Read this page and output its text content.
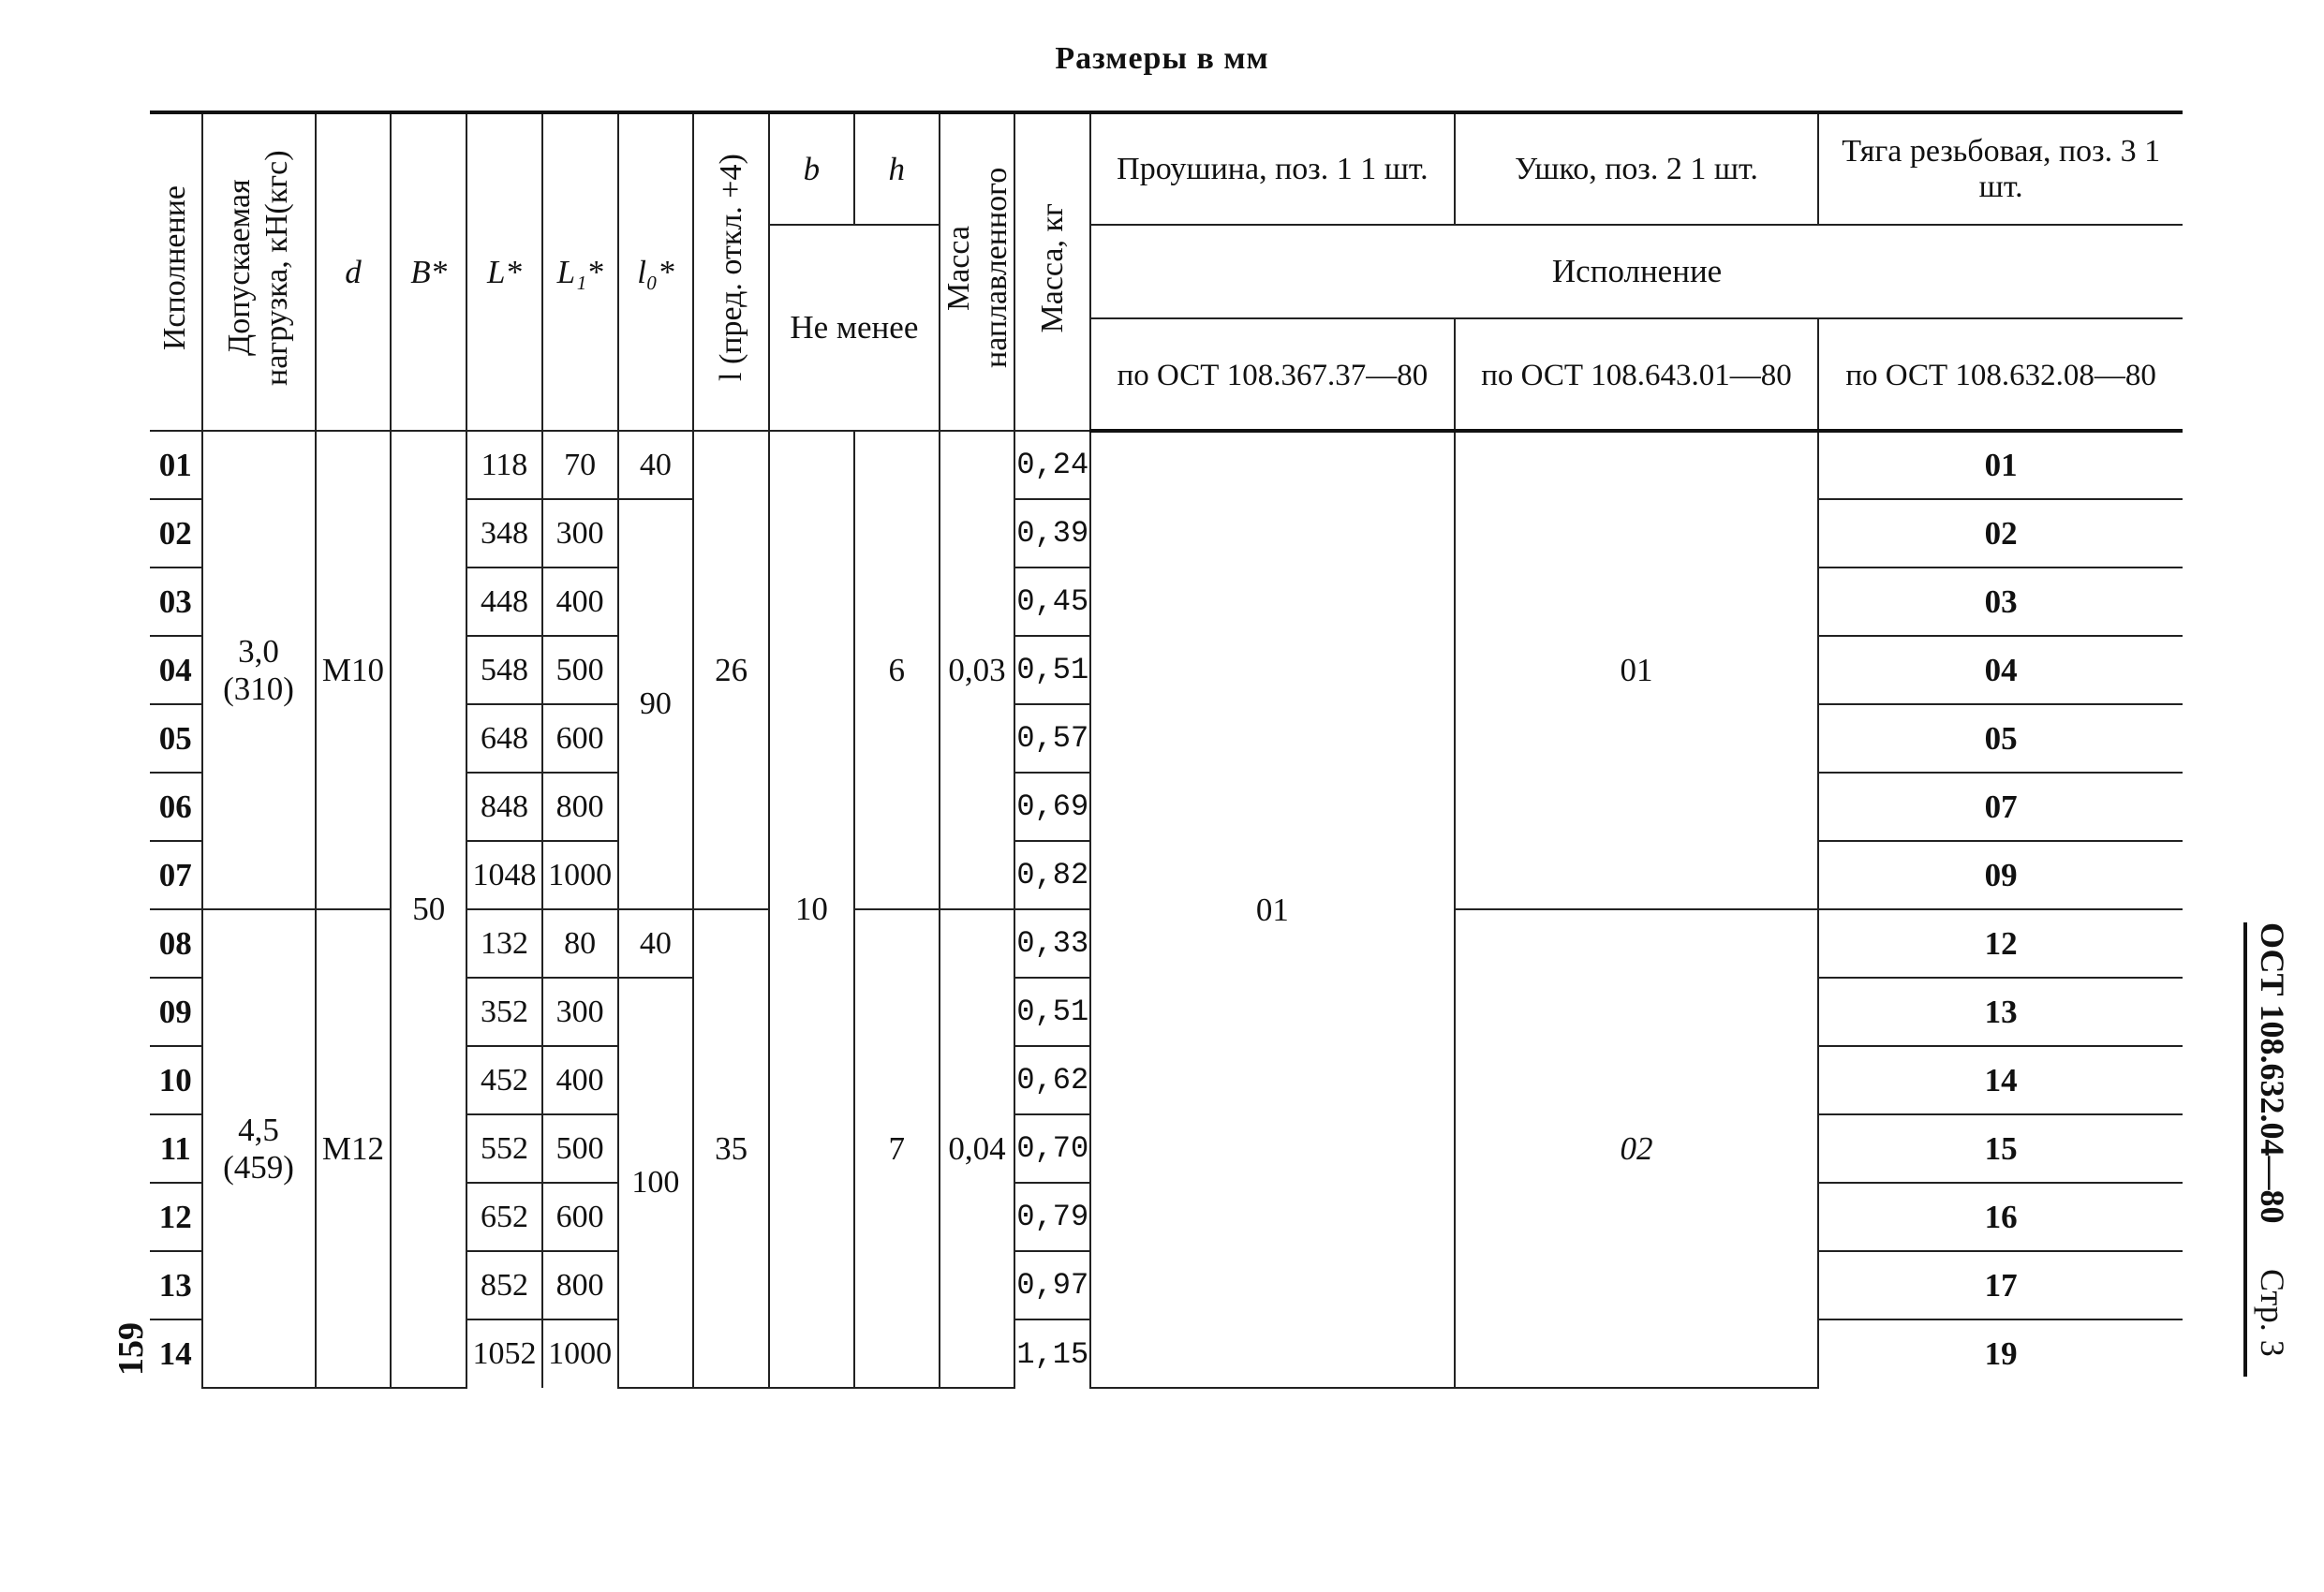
Размеры в мм
Исполнение	Допускаемая нагрузка, кН(кгс)	d	B*	L*	L₁*	l₀*	l (пред. откл. +4)	b	h	Масса наплавленного	Масса, кг	Проушина, поз. 1 1 шт.	Ушко, поз. 2 1 шт.	Тяга резьбовая, поз. 3 1 шт.

								Не менее				Исполнение		
												по ОСТ 108.367.37—80	по ОСТ 108.643.01—80	по ОСТ 108.632.08—80
01	3,0 (310)	M10	50	118	70	40	26	10	6	0,03	0,24	01	01	01
02				348	300	90					0,39			02
03				448	400						0,45			03
04				548	500						0,51			04
05				648	600						0,57			05
06				848	800						0,69			07
07				1048	1000						0,82			09
08	4,5 (459)	M12		132	80	40	35		7	0,04	0,33		02	12
09				352	300	100					0,51			13
10				452	400						0,62			14
11				552	500						0,70			15
12				652	600						0,79			16
13				852	800						0,97			17
14				1052	1000						1,15			19
ОСТ 108.632.04—80 Стр. 3
159
